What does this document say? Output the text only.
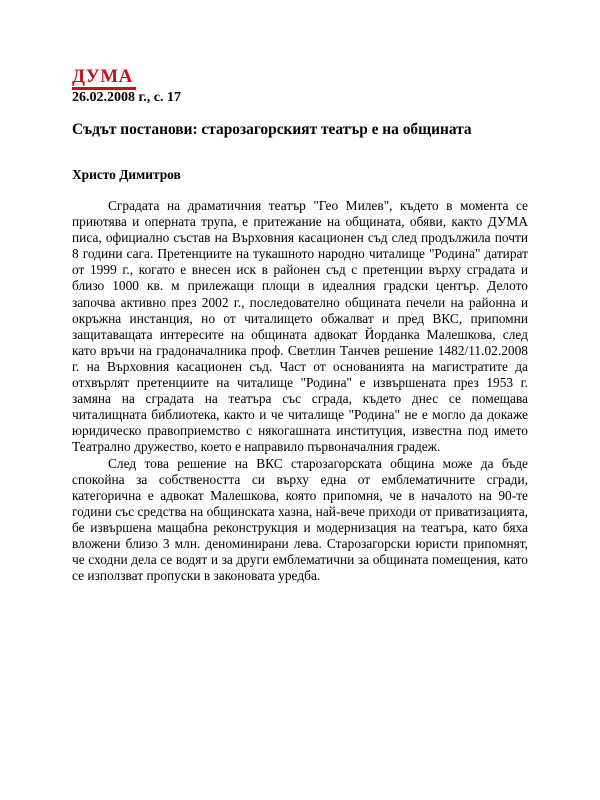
ДУМА
26.02.2008 г., с. 17
Съдът постанови: старозагорският театър е на общината
Христо Димитров

Сградата на драматичния театър "Гео Милев", където в момента се приютява и оперната трупа, е притежание на общината, обяви, както ДУМА писа, официално състав на Върховния касационен съд след продължила почти 8 години сага. Претенциите на тукашното народно читалище "Родина" датират от 1999 г., когато е внесен иск в районен съд с претенции върху сградата и близо 1000 кв. м прилежащи площи в идеалния градски център. Делото започва активно през 2002 г., последователно общината печели на районна и окръжна инстанция, но от читалището обжалват и пред ВКС, припомни защитаващата интересите на общината адвокат Йорданка Малешкова, след като връчи на градоначалника проф. Светлин Танчев решение 1482/11.02.2008 г. на Върховния касационен съд. Част от основанията на магистратите да отхвърлят претенциите на читалище "Родина" е извършената през 1953 г. замяна на сградата на театъра със сграда, където днес се помещава читалищната библиотека, както и че читалище "Родина" не е могло да докаже юридическо правоприемство с някогашната институция, известна под името Театрално дружество, което е направило първоначалния градеж.

След това решение на ВКС старозагорската община може да бъде спокойна за собствеността си върху една от емблематичните сгради, категорична е адвокат Малешкова, която припомня, че в началото на 90-те години със средства на общинската хазна, най-вече приходи от приватизацията, бе извършена мащабна реконструкция и модернизация на театъра, като бяха вложени близо 3 млн. деноминирани лева. Старозагорски юристи припомнят, че сходни дела се водят и за други емблематични за общината помещения, като се използват пропуски в законовата уредба.
